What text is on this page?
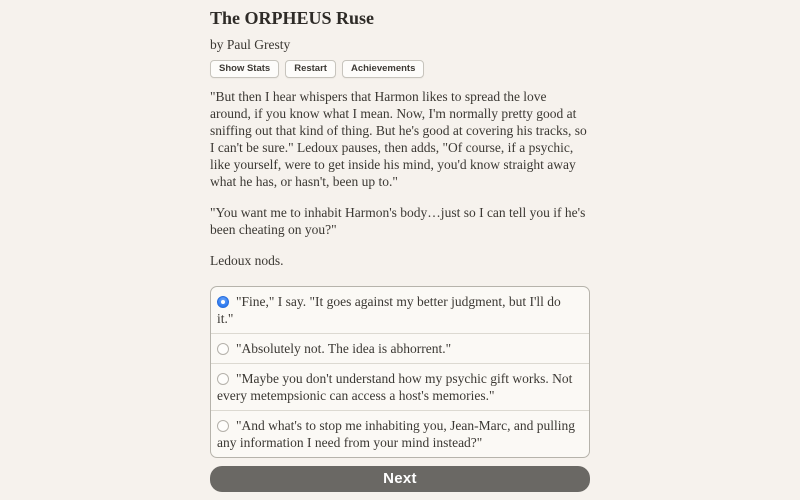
The ORPHEUS Ruse
by Paul Gresty
Show Stats	Restart	Achievements

"But then I hear whispers that Harmon likes to spread the love around, if you know what I mean. Now, I'm normally pretty good at sniffing out that kind of thing. But he's good at covering his tracks, so I can't be sure." Ledoux pauses, then adds, "Of course, if a psychic, like yourself, were to get inside his mind, you'd know straight away what he has, or hasn't, been up to."

"You want me to inhabit Harmon's body…just so I can tell you if he's been cheating on you?"

Ledoux nods.

"Fine," I say. "It goes against my better judgment, but I'll do it."
"Absolutely not. The idea is abhorrent."
"Maybe you don't understand how my psychic gift works. Not every metempsionic can access a host's memories."
"And what's to stop me inhabiting you, Jean-Marc, and pulling any information I need from your mind instead?"
Next
